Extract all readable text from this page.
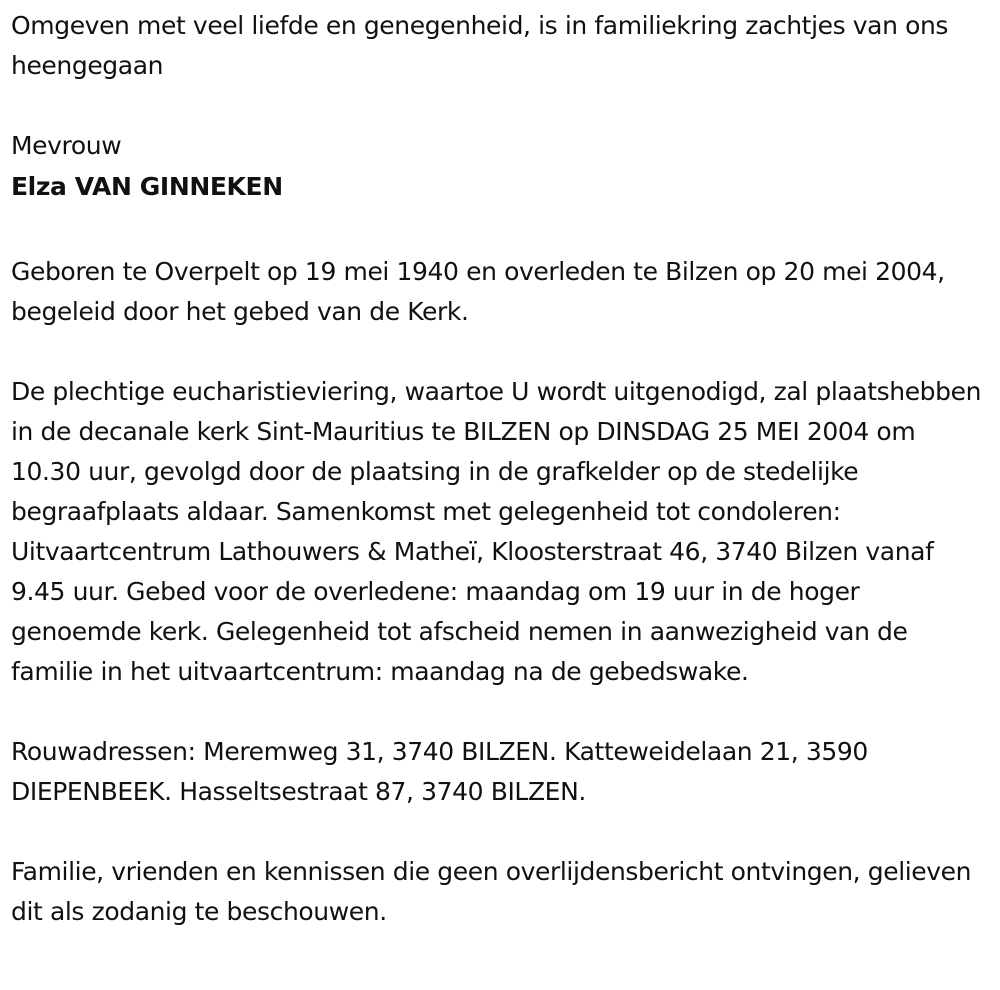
Omgeven met veel liefde en genegenheid, is in familiekring zachtjes van ons heengegaan

Mevrouw

Elza VAN GINNEKEN

Geboren te Overpelt op 19 mei 1940 en overleden te Bilzen op 20 mei 2004, begeleid door het gebed van de Kerk.

De plechtige eucharistieviering, waartoe U wordt uitgenodigd, zal plaatshebben in de decanale kerk Sint-Mauritius te BILZEN op DINSDAG 25 MEI 2004 om 10.30 uur, gevolgd door de plaatsing in de grafkelder op de stedelijke begraafplaats aldaar. Samenkomst met gelegenheid tot condoleren: Uitvaartcentrum Lathouwers & Matheï, Kloosterstraat 46, 3740 Bilzen vanaf 9.45 uur. Gebed voor de overledene: maandag om 19 uur in de hoger genoemde kerk. Gelegenheid tot afscheid nemen in aanwezigheid van de familie in het uitvaartcentrum: maandag na de gebedswake.

Rouwadressen: Meremweg 31, 3740 BILZEN. Katteweidelaan 21, 3590 DIEPENBEEK. Hasseltsestraat 87, 3740 BILZEN.

Familie, vrienden en kennissen die geen overlijdensbericht ontvingen, gelieven dit als zodanig te beschouwen.
